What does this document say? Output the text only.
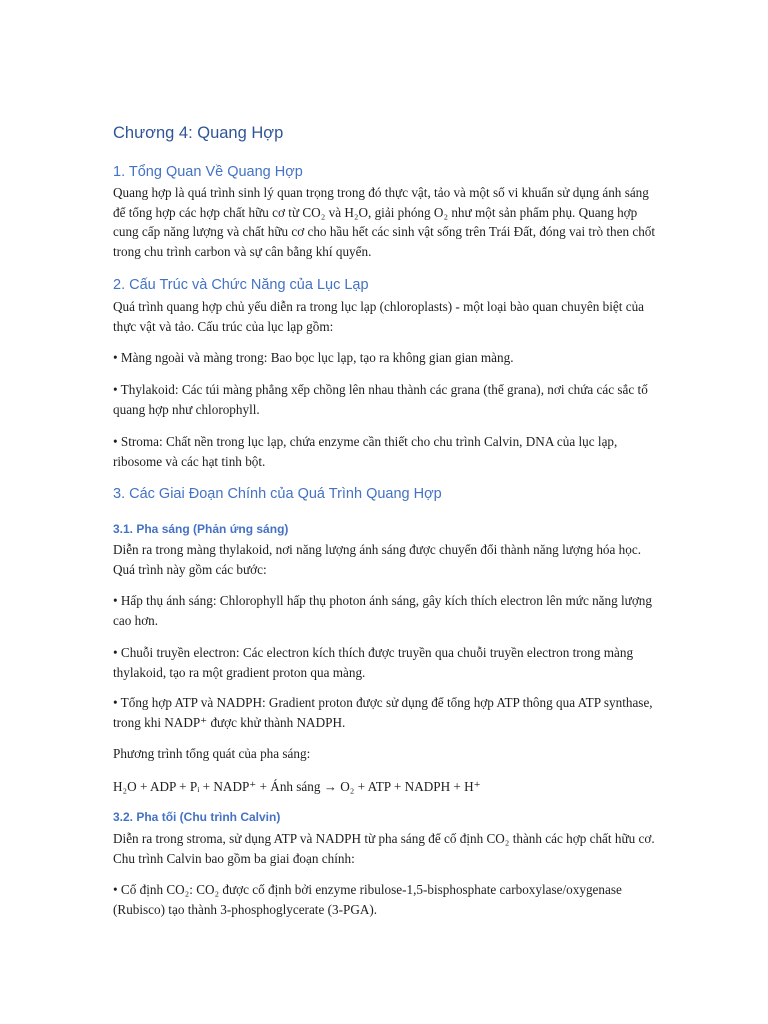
Chương 4: Quang Hợp
1. Tổng Quan Về Quang Hợp

Quang hợp là quá trình sinh lý quan trọng trong đó thực vật, tảo và một số vi khuẩn sử dụng ánh sáng để tổng hợp các hợp chất hữu cơ từ CO₂ và H₂O, giải phóng O₂ như một sản phẩm phụ. Quang hợp cung cấp năng lượng và chất hữu cơ cho hầu hết các sinh vật sống trên Trái Đất, đóng vai trò then chốt trong chu trình carbon và sự cân bằng khí quyển.

2. Cấu Trúc và Chức Năng của Lục Lạp

Quá trình quang hợp chủ yếu diễn ra trong lục lạp (chloroplasts) - một loại bào quan chuyên biệt của thực vật và tảo. Cấu trúc của lục lạp gồm:

• Màng ngoài và màng trong: Bao bọc lục lạp, tạo ra không gian gian màng.

• Thylakoid: Các túi màng phẳng xếp chồng lên nhau thành các grana (thể grana), nơi chứa các sắc tố quang hợp như chlorophyll.

• Stroma: Chất nền trong lục lạp, chứa enzyme cần thiết cho chu trình Calvin, DNA của lục lạp, ribosome và các hạt tinh bột.

3. Các Giai Đoạn Chính của Quá Trình Quang Hợp
3.1. Pha sáng (Phản ứng sáng)

Diễn ra trong màng thylakoid, nơi năng lượng ánh sáng được chuyển đổi thành năng lượng hóa học. Quá trình này gồm các bước:

• Hấp thụ ánh sáng: Chlorophyll hấp thụ photon ánh sáng, gây kích thích electron lên mức năng lượng cao hơn.

• Chuỗi truyền electron: Các electron kích thích được truyền qua chuỗi truyền electron trong màng thylakoid, tạo ra một gradient proton qua màng.

• Tổng hợp ATP và NADPH: Gradient proton được sử dụng để tổng hợp ATP thông qua ATP synthase, trong khi NADP⁺ được khử thành NADPH.

Phương trình tổng quát của pha sáng:

H₂O + ADP + Pᵢ + NADP⁺ + Ánh sáng → O₂ + ATP + NADPH + H⁺

3.2. Pha tối (Chu trình Calvin)

Diễn ra trong stroma, sử dụng ATP và NADPH từ pha sáng để cố định CO₂ thành các hợp chất hữu cơ. Chu trình Calvin bao gồm ba giai đoạn chính:

• Cố định CO₂: CO₂ được cố định bởi enzyme ribulose-1,5-bisphosphate carboxylase/oxygenase (Rubisco) tạo thành 3-phosphoglycerate (3-PGA).
